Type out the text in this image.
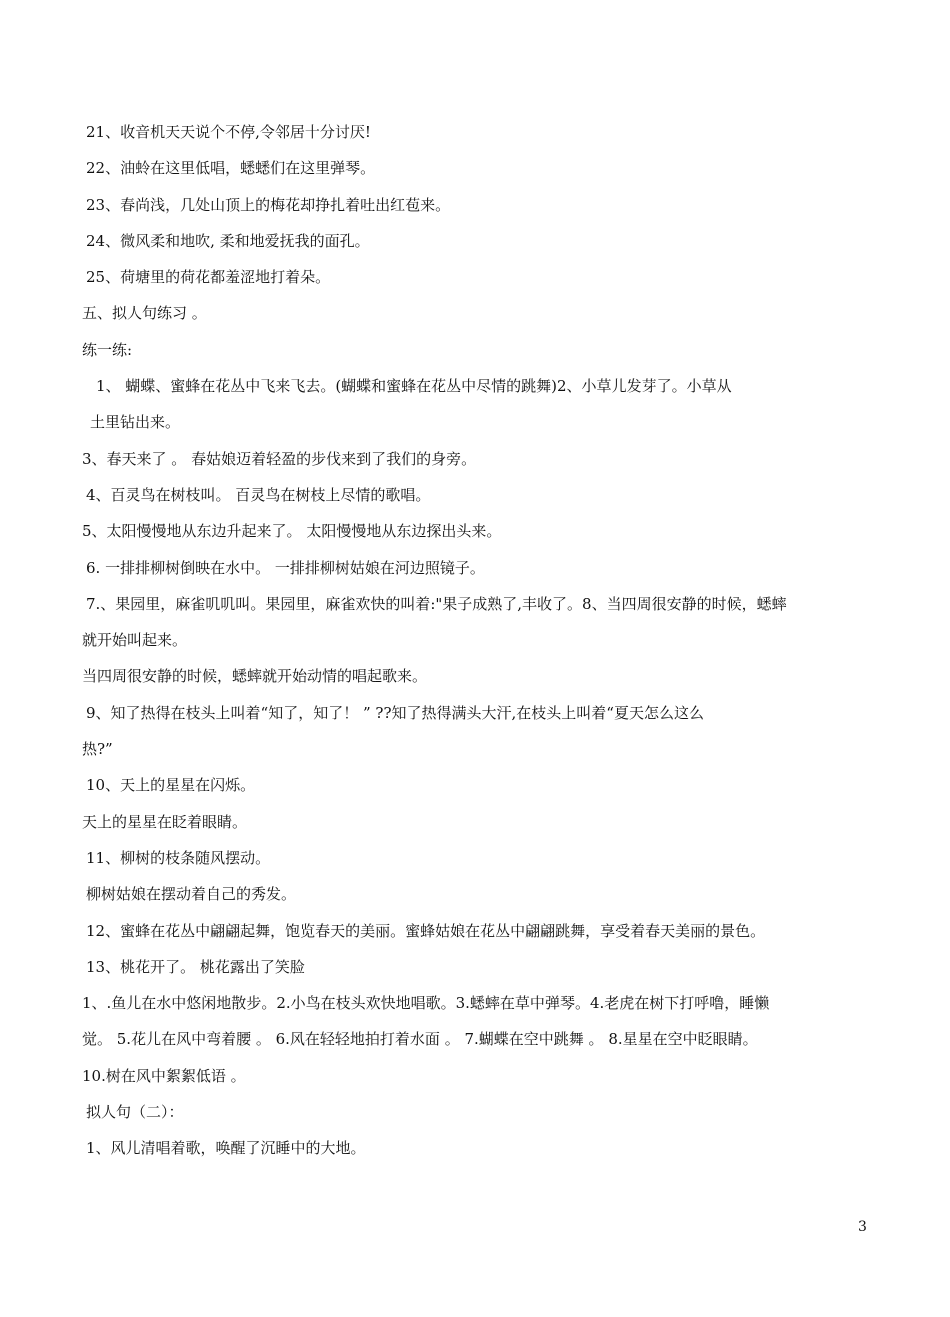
21、收音机天天说个不停,令邻居十分讨厌!
22、油蛉在这里低唱，蟋蟋们在这里弹琴。
23、春尚浅，几处山顶上的梅花却挣扎着吐出红苞来。
24、微风柔和地吹, 柔和地爱抚我的面孔。
25、荷塘里的荷花都羞涩地打着朵。
五、拟人句练习 。
练一练:
1、 蝴蝶、蜜蜂在花丛中飞来飞去。(蝴蝶和蜜蜂在花丛中尽情的跳舞)2、小草儿发芽了。小草从
土里钻出来。
3、春天来了 。 春姑娘迈着轻盈的步伐来到了我们的身旁。
4、百灵鸟在树枝叫。 百灵鸟在树枝上尽情的歌唱。
5、太阳慢慢地从东边升起来了。 太阳慢慢地从东边探出头来。
6. 一排排柳树倒映在水中。 一排排柳树姑娘在河边照镜子。
7.、果园里，麻雀叽叽叫。果园里，麻雀欢快的叫着:"果子成熟了,丰收了。8、当四周很安静的时候，蟋蟀
就开始叫起来。
当四周很安静的时候，蟋蟀就开始动情的唱起歌来。
9、知了热得在枝头上叫着“知了，知了！ ” ??知了热得满头大汗,在枝头上叫着“夏天怎么这么
热?”
10、天上的星星在闪烁。
天上的星星在眨着眼睛。
11、柳树的枝条随风摆动。
柳树姑娘在摆动着自己的秀发。
12、蜜蜂在花丛中翩翩起舞，饱览春天的美丽。蜜蜂姑娘在花丛中翩翩跳舞，享受着春天美丽的景色。
13、桃花开了。 桃花露出了笑脸
1、.鱼儿在水中悠闲地散步。2.小鸟在枝头欢快地唱歌。3.蟋蟀在草中弹琴。4.老虎在树下打呼噜，睡懒
觉。 5.花儿在风中弯着腰 。 6.风在轻轻地拍打着水面 。 7.蝴蝶在空中跳舞 。 8.星星在空中眨眼睛。
10.树在风中絮絮低语 。
拟人句（二）：
1、风儿清唱着歌，唤醒了沉睡中的大地。
3
